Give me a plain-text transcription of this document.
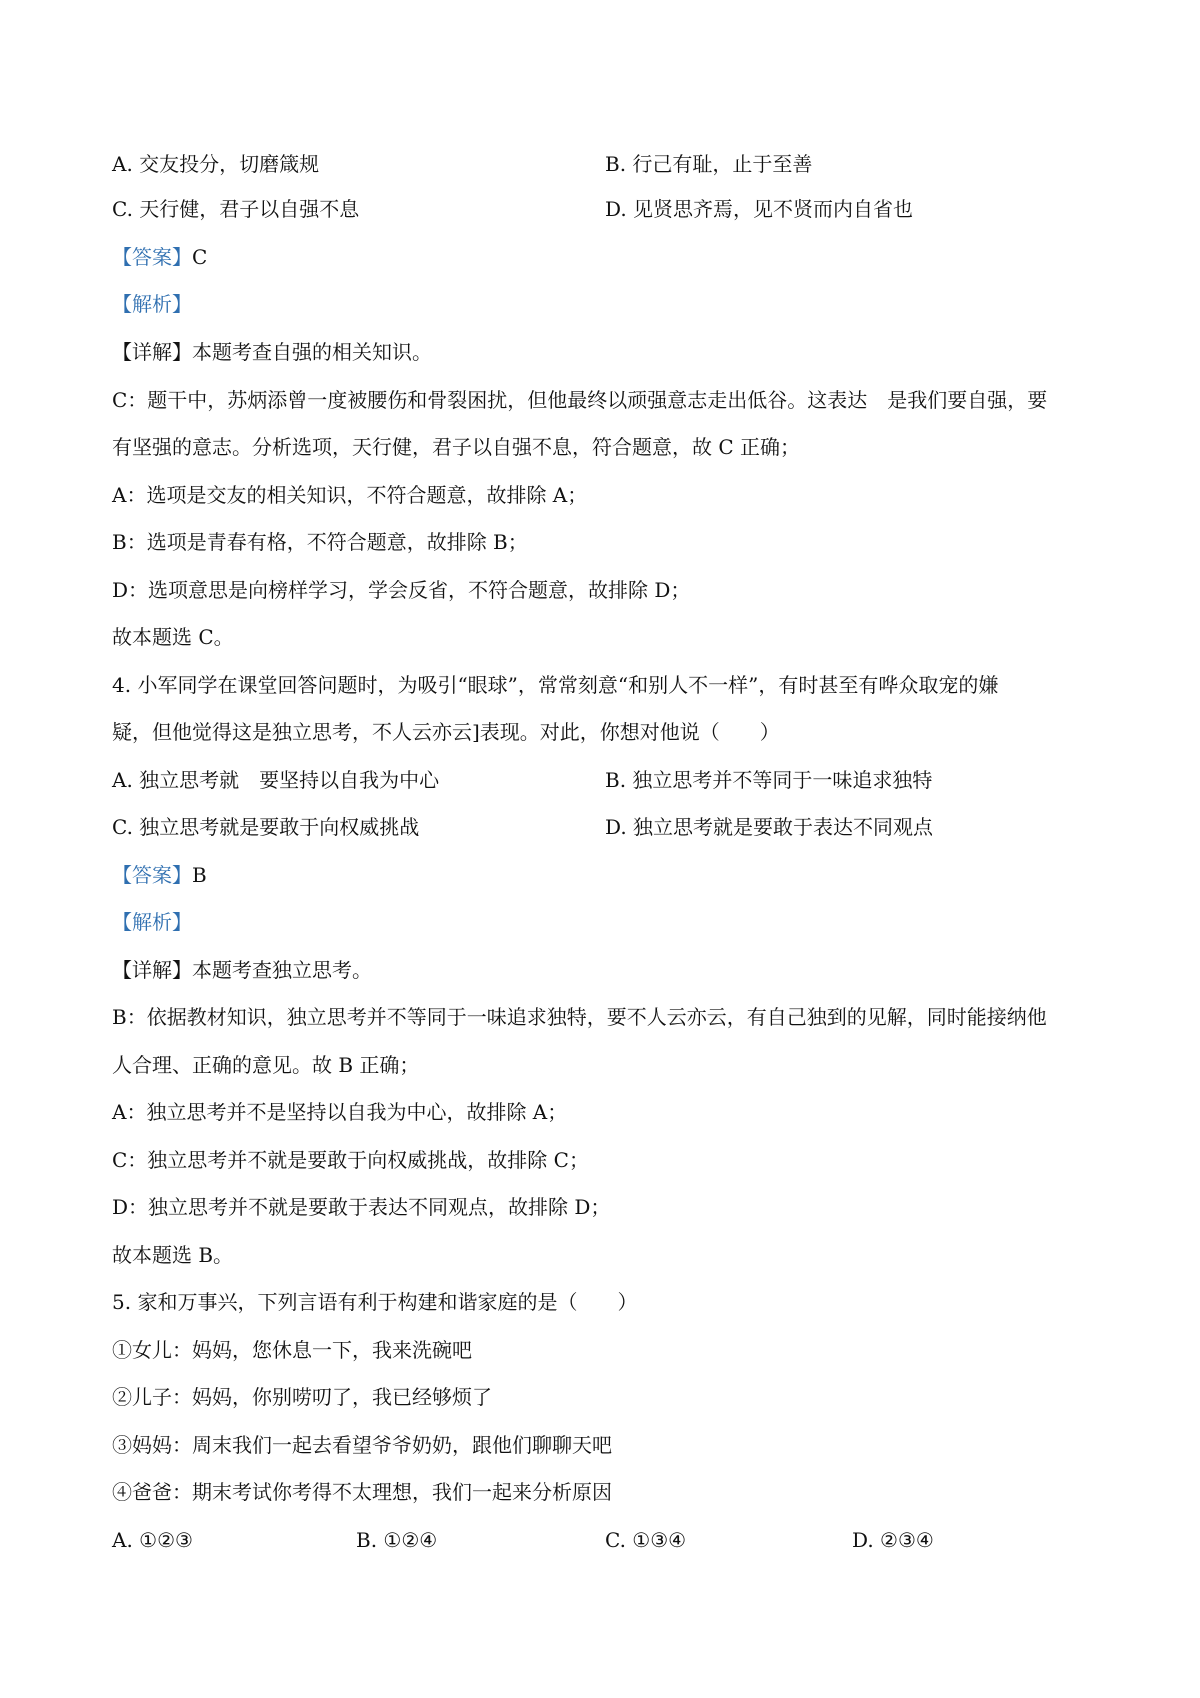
A. 交友投分，切磨箴规	B. 行己有耻，止于至善
C. 天行健，君子以自强不息	D. 见贤思齐焉，见不贤而内自省也
【答案】C
【解析】
【详解】本题考查自强的相关知识。
C：题干中，苏炳添曾一度被腰伤和骨裂困扰，但他最终以顽强意志走出低谷。这表达　是我们要自强，要
有坚强的意志。分析选项，天行健，君子以自强不息，符合题意，故 C 正确；
A：选项是交友的相关知识，不符合题意，故排除 A；
B：选项是青春有格，不符合题意，故排除 B；
D：选项意思是向榜样学习，学会反省，不符合题意，故排除 D；
故本题选 C。
4. 小军同学在课堂回答问题时，为吸引“眼球”，常常刻意“和别人不一样”，有时甚至有哗众取宠的嫌
疑，但他觉得这是独立思考，不人云亦云]表现。对此，你想对他说（　　）
A. 独立思考就　要坚持以自我为中心	B. 独立思考并不等同于一味追求独特
C. 独立思考就是要敢于向权威挑战	D. 独立思考就是要敢于表达不同观点
【答案】B
【解析】
【详解】本题考查独立思考。
B：依据教材知识，独立思考并不等同于一味追求独特，要不人云亦云，有自己独到的见解，同时能接纳他
人合理、正确的意见。故 B 正确；
A：独立思考并不是坚持以自我为中心，故排除 A；
C：独立思考并不就是要敢于向权威挑战，故排除 C；
D：独立思考并不就是要敢于表达不同观点，故排除 D；
故本题选 B。
5. 家和万事兴，下列言语有利于构建和谐家庭的是（　　）
①女儿：妈妈，您休息一下，我来洗碗吧
②儿子：妈妈，你别唠叨了，我已经够烦了
③妈妈：周末我们一起去看望爷爷奶奶，跟他们聊聊天吧
④爸爸：期末考试你考得不太理想，我们一起来分析原因
A. ①②③	B. ①②④	C. ①③④	D. ②③④
